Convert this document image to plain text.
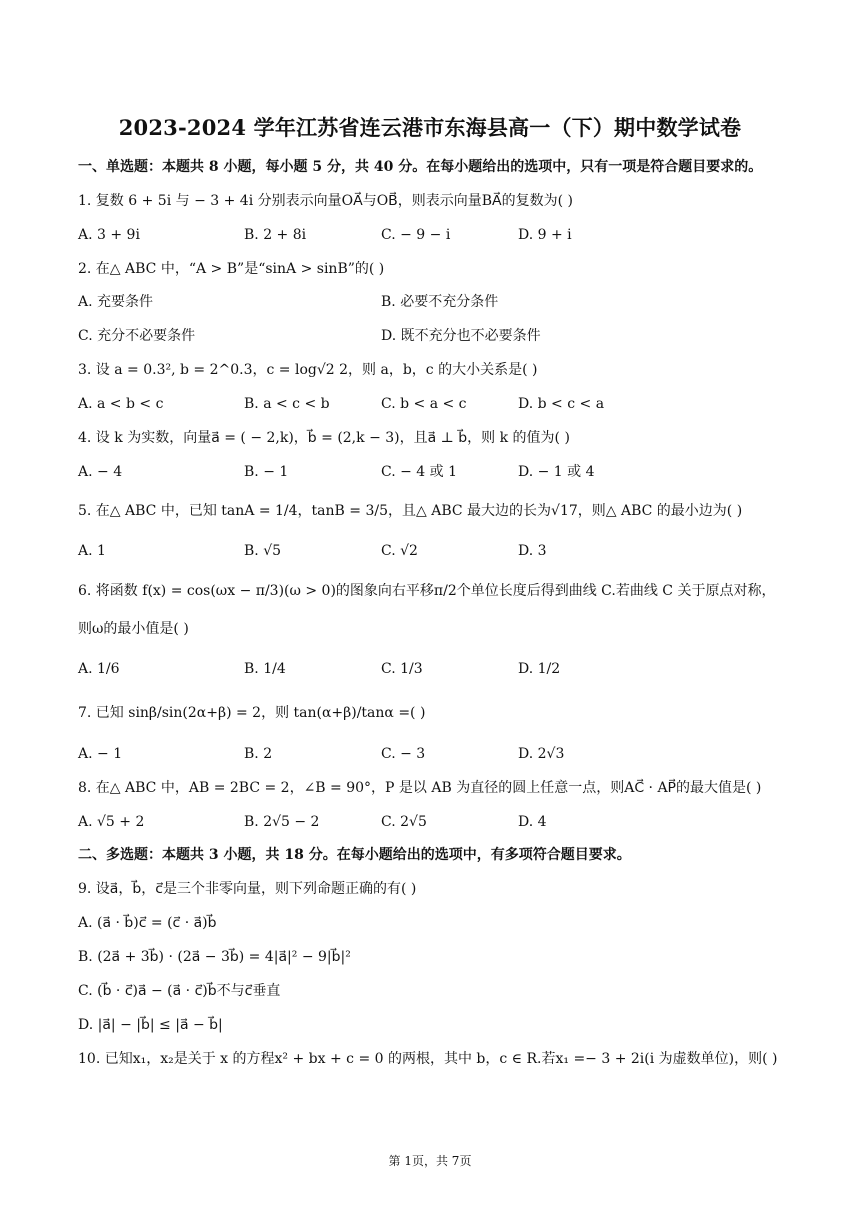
2023-2024 学年江苏省连云港市东海县高一（下）期中数学试卷
一、单选题：本题共 8 小题，每小题 5 分，共 40 分。在每小题给出的选项中，只有一项是符合题目要求的。
1. 复数 6 + 5i 与 − 3 + 4i 分别表示向量OA⃗与OB⃗，则表示向量BA⃗的复数为( )
A. 3 + 9i	B. 2 + 8i	C. − 9 − i	D. 9 + i
2. 在△ ABC 中，“A > B”是“sinA > sinB”的( )
A. 充要条件	B. 必要不充分条件
C. 充分不必要条件	D. 既不充分也不必要条件
3. 设 a = 0.3², b = 2^0.3，c = log√2 2，则 a，b，c 的大小关系是( )
A. a < b < c	B. a < c < b	C. b < a < c	D. b < c < a
4. 设 k 为实数，向量a⃗ = ( − 2,k)，b⃗ = (2,k − 3)，且a⃗ ⊥ b⃗，则 k 的值为( )
A. − 4	B. − 1	C. − 4 或 1	D. − 1 或 4
5. 在△ ABC 中，已知 tanA = 1/4，tanB = 3/5，且△ ABC 最大边的长为√17，则△ ABC 的最小边为( )
A. 1	B. √5	C. √2	D. 3
6. 将函数 f(x) = cos(ωx − π/3)(ω > 0)的图象向右平移π/2个单位长度后得到曲线 C.若曲线 C 关于原点对称，
则ω的最小值是( )
A. 1/6	B. 1/4	C. 1/3	D. 1/2
7. 已知 sinβ/sin(2α+β) = 2，则 tan(α+β)/tanα =( )
A. − 1	B. 2	C. − 3	D. 2√3
8. 在△ ABC 中，AB = 2BC = 2，∠B = 90°，P 是以 AB 为直径的圆上任意一点，则AC⃗ · AP⃗的最大值是( )
A. √5 + 2	B. 2√5 − 2	C. 2√5	D. 4
二、多选题：本题共 3 小题，共 18 分。在每小题给出的选项中，有多项符合题目要求。
9. 设a⃗，b⃗，c⃗是三个非零向量，则下列命题正确的有( )
A. (a⃗ · b⃗)c⃗ = (c⃗ · a⃗)b⃗
B. (2a⃗ + 3b⃗) · (2a⃗ − 3b⃗) = 4|a⃗|² − 9|b⃗|²
C. (b⃗ · c⃗)a⃗ − (a⃗ · c⃗)b⃗不与c⃗垂直
D. |a⃗| − |b⃗| ≤ |a⃗ − b⃗|
10. 已知x₁，x₂是关于 x 的方程x² + bx + c = 0 的两根，其中 b，c ∈ R.若x₁ =− 3 + 2i(i 为虚数单位)，则( )
第 1页，共 7页
